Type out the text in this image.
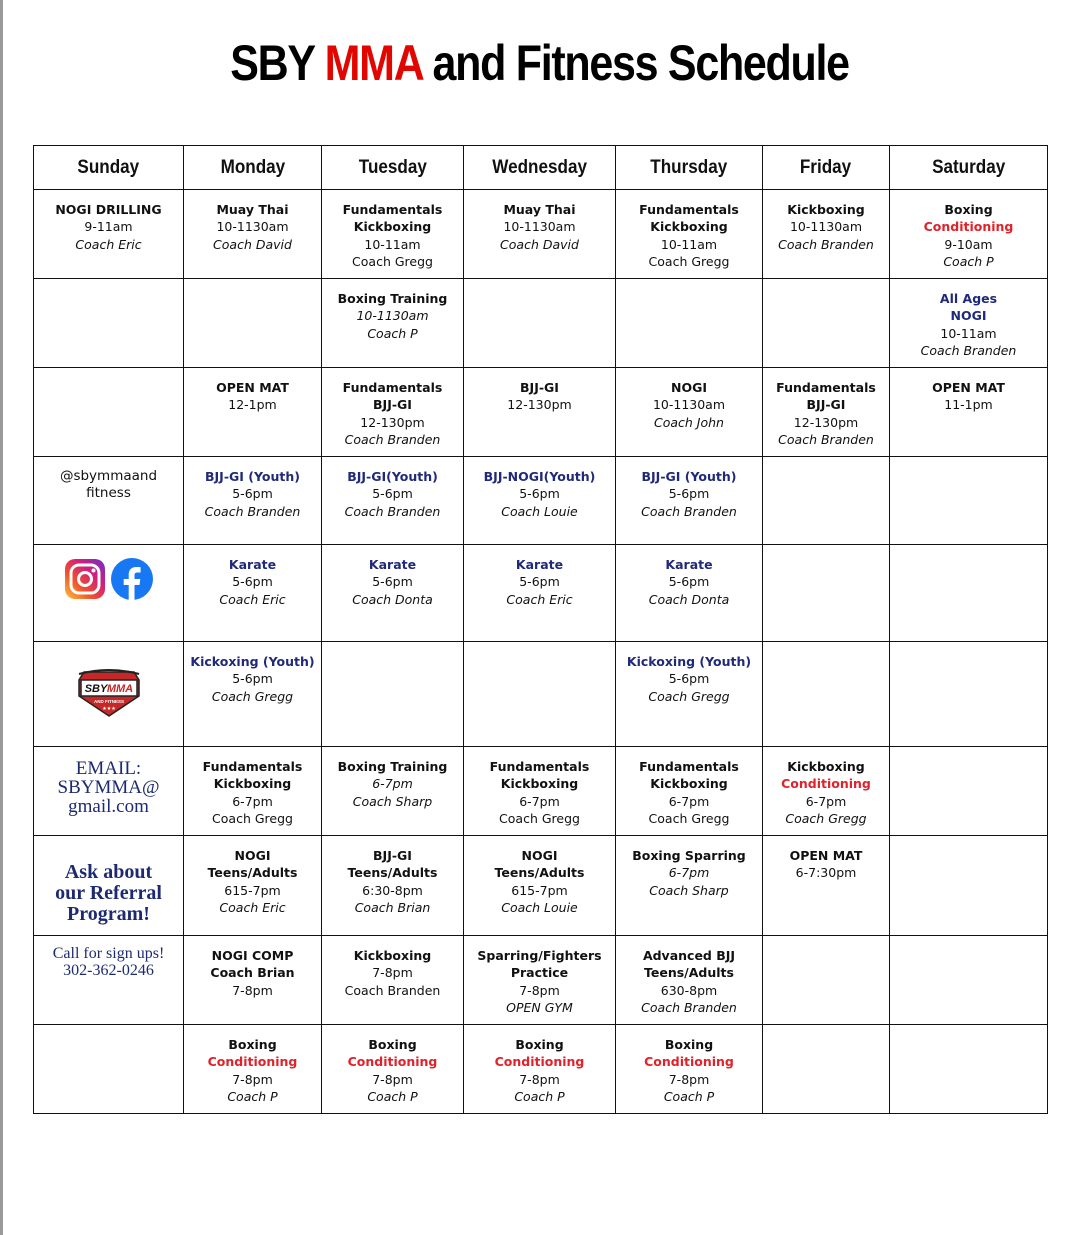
SBY MMA and Fitness Schedule
Sunday	Monday	Tuesday	Wednesday	Thursday	Friday	Saturday

NOGI DRILLING
9-11am
Coach Eric	Muay Thai
10-1130am
Coach David	Fundamentals
Kickboxing
10-11am
Coach Gregg	Muay Thai
10-1130am
Coach David	Fundamentals
Kickboxing
10-11am
Coach Gregg	Kickboxing
10-1130am
Coach Branden	Boxing
Conditioning
9-10am
Coach P

		Boxing Training
10-1130am
Coach P				All Ages
NOGI
10-11am
Coach Branden

	OPEN MAT
12-1pm	Fundamentals
BJJ-GI
12-130pm
Coach Branden	BJJ-GI
12-130pm	NOGI
10-1130am
Coach John	Fundamentals
BJJ-GI
12-130pm
Coach Branden	OPEN MAT
11-1pm

@sbymmaand
fitness	BJJ-GI (Youth)
5-6pm
Coach Branden	BJJ-GI(Youth)
5-6pm
Coach Branden	BJJ-NOGI(Youth)
5-6pm
Coach Louie	BJJ-GI (Youth)
5-6pm
Coach Branden		

Karate
5-6pm
Coach Eric	Karate
5-6pm
Coach Donta	Karate
5-6pm
Coach Eric	Karate
5-6pm
Coach Donta		

SBY MMA
AND FITNESS
★★★	Kickoxing (Youth)
5-6pm
Coach Gregg			Kickoxing (Youth)
5-6pm
Coach Gregg		

EMAIL:
SBYMMA@
gmail.com	Fundamentals
Kickboxing
6-7pm
Coach Gregg	Boxing Training
6-7pm
Coach Sharp	Fundamentals
Kickboxing
6-7pm
Coach Gregg	Fundamentals
Kickboxing
6-7pm
Coach Gregg	Kickboxing
Conditioning
6-7pm
Coach Gregg	

Ask about
our Referral
Program!	NOGI
Teens/Adults
615-7pm
Coach Eric	BJJ-GI
Teens/Adults
6:30-8pm
Coach Brian	NOGI
Teens/Adults
615-7pm
Coach Louie	Boxing Sparring
6-7pm
Coach Sharp	OPEN MAT
6-7:30pm	

Call for sign ups!
302-362-0246	NOGI COMP
Coach Brian
7-8pm	Kickboxing
7-8pm
Coach Branden	Sparring/Fighters
Practice
7-8pm
OPEN GYM	Advanced BJJ
Teens/Adults
630-8pm
Coach Branden		

	Boxing
Conditioning
7-8pm
Coach P	Boxing
Conditioning
7-8pm
Coach P	Boxing
Conditioning
7-8pm
Coach P	Boxing
Conditioning
7-8pm
Coach P		
